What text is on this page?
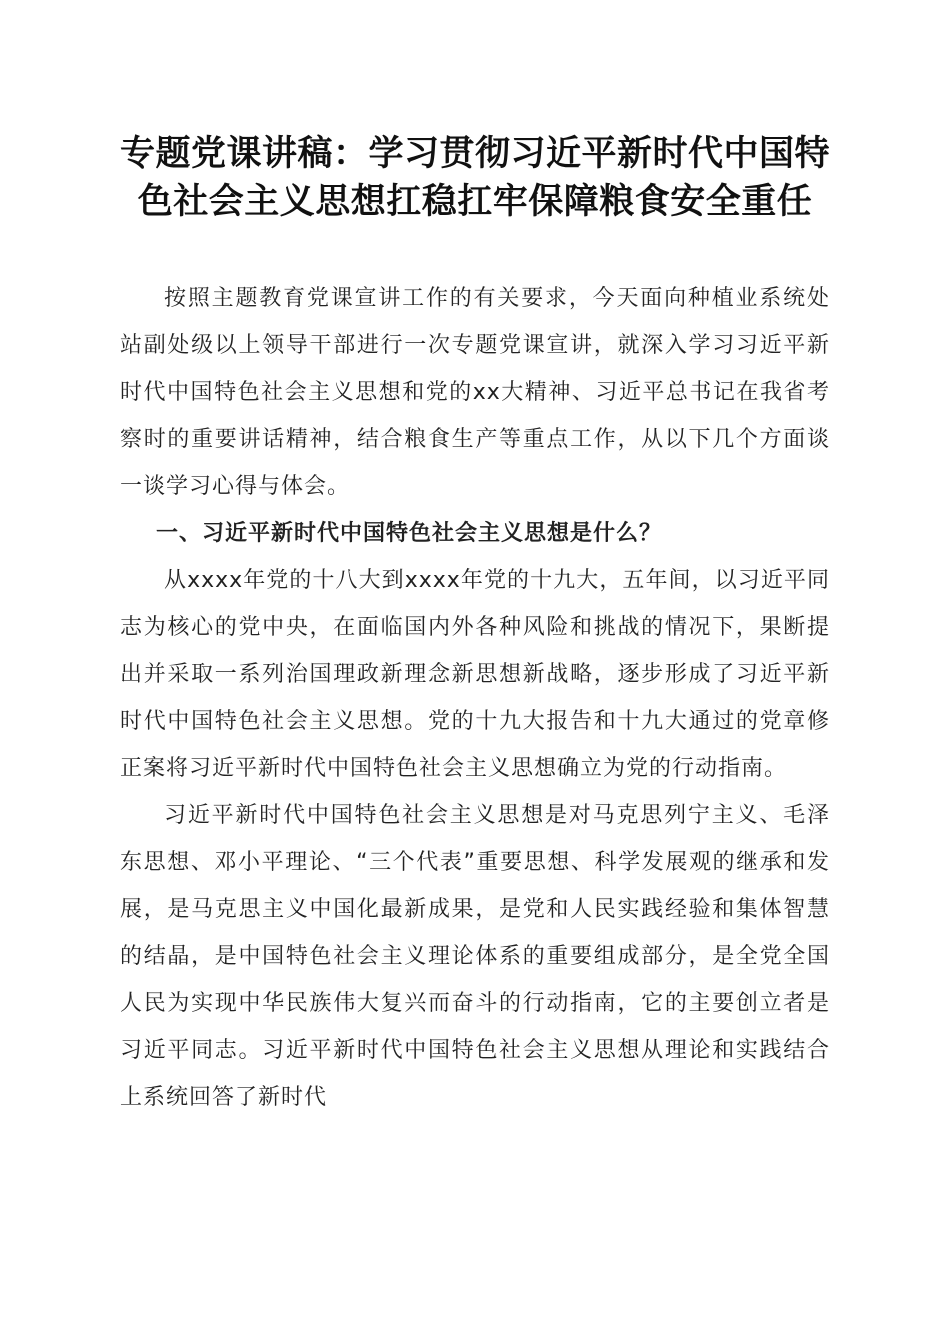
专题党课讲稿：学习贯彻习近平新时代中国特
色社会主义思想扛稳扛牢保障粮食安全重任

按照主题教育党课宣讲工作的有关要求，今天面向种植业系统处站副处级以上领导干部进行一次专题党课宣讲，就深入学习习近平新时代中国特色社会主义思想和党的xx大精神、习近平总书记在我省考察时的重要讲话精神，结合粮食生产等重点工作，从以下几个方面谈一谈学习心得与体会。

一、习近平新时代中国特色社会主义思想是什么？

从xxxx年党的十八大到xxxx年党的十九大，五年间，以习近平同志为核心的党中央，在面临国内外各种风险和挑战的情况下，果断提出并采取一系列治国理政新理念新思想新战略，逐步形成了习近平新时代中国特色社会主义思想。党的十九大报告和十九大通过的党章修正案将习近平新时代中国特色社会主义思想确立为党的行动指南。

习近平新时代中国特色社会主义思想是对马克思列宁主义、毛泽东思想、邓小平理论、“三个代表”重要思想、科学发展观的继承和发展，是马克思主义中国化最新成果，是党和人民实践经验和集体智慧的结晶，是中国特色社会主义理论体系的重要组成部分，是全党全国人民为实现中华民族伟大复兴而奋斗的行动指南，它的主要创立者是习近平同志。习近平新时代中国特色社会主义思想从理论和实践结合上系统回答了新时代
